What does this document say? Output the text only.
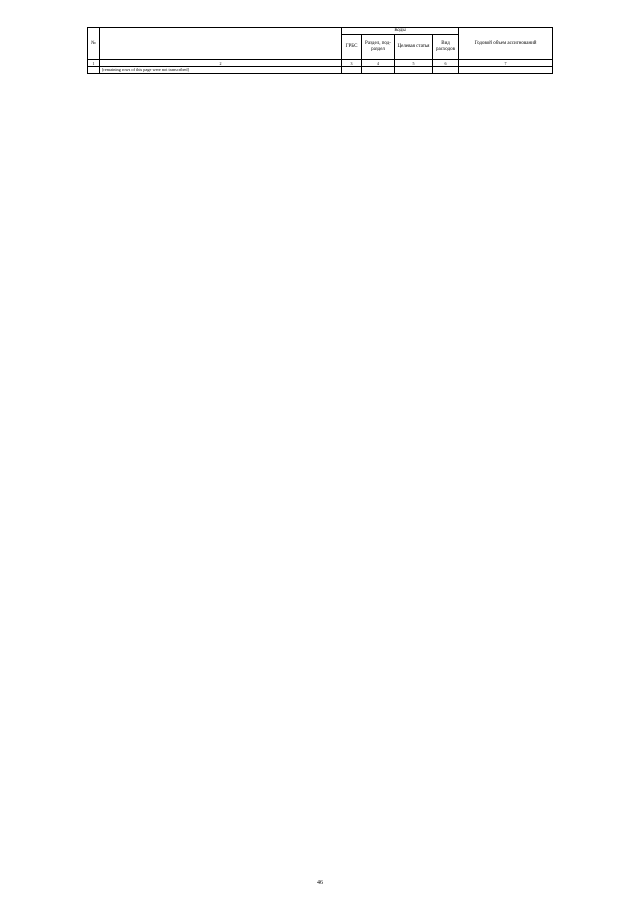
№		Коды				Годовой объем ассигнований
		ГРБС	Раздел, под-раздел	Целевая статья	Вид расходов	
1	2	3	4	5	6	7
	[remaining rows of this page were not transcribed]					
46
